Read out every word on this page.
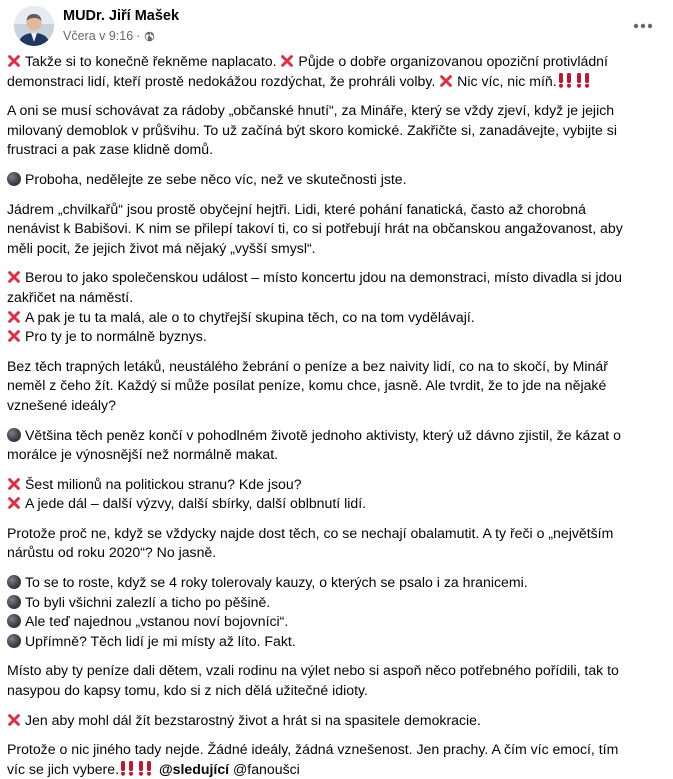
MUDr. Jiří Mašek
Včera v 9:16 ·
Takže si to konečně řekněme naplacato. Půjde o dobře organizovanou opoziční protivládní
demonstraci lidí, kteří prostě nedokážou rozdýchat, že prohráli volby. Nic víc, nic míň.
A oni se musí schovávat za rádoby „občanské hnutí“, za Mináře, který se vždy zjeví, když je jejich
milovaný demoblok v průšvihu. To už začíná být skoro komické. Zakřičte si, zanadávejte, vybijte si
frustraci a pak zase klidně domů.
Proboha, nedělejte ze sebe něco víc, než ve skutečnosti jste.
Jádrem „chvilkařů“ jsou prostě obyčejní hejtři. Lidi, které pohání fanatická, často až chorobná
nenávist k Babišovi. K nim se přilepí takoví ti, co si potřebují hrát na občanskou angažovanost, aby
měli pocit, že jejich život má nějaký „vyšší smysl“.
Berou to jako společenskou událost – místo koncertu jdou na demonstraci, místo divadla si jdou
zakřičet na náměstí.
A pak je tu ta malá, ale o to chytřejší skupina těch, co na tom vydělávají.
Pro ty je to normálně byznys.
Bez těch trapných letáků, neustálého žebrání o peníze a bez naivity lidí, co na to skočí, by Minář
neměl z čeho žít. Každý si může posílat peníze, komu chce, jasně. Ale tvrdit, že to jde na nějaké
vznešené ideály?
Většina těch peněz končí v pohodlném životě jednoho aktivisty, který už dávno zjistil, že kázat o
morálce je výnosnější než normálně makat.
Šest milionů na politickou stranu? Kde jsou?
A jede dál – další výzvy, další sbírky, další oblbnutí lidí.
Protože proč ne, když se vždycky najde dost těch, co se nechají obalamutit. A ty řeči o „největším
nárůstu od roku 2020“? No jasně.
To se to roste, když se 4 roky tolerovaly kauzy, o kterých se psalo i za hranicemi.
To byli všichni zalezlí a ticho po pěšině.
Ale teď najednou „vstanou noví bojovníci“.
Upřímně? Těch lidí je mi místy až líto. Fakt.
Místo aby ty peníze dali dětem, vzali rodinu na výlet nebo si aspoň něco potřebného pořídili, tak to
nasypou do kapsy tomu, kdo si z nich dělá užitečné idioty.
Jen aby mohl dál žít bezstarostný život a hrát si na spasitele demokracie.
Protože o nic jiného tady nejde. Žádné ideály, žádná vznešenost. Jen prachy. A čím víc emocí, tím
víc se jich vybere.	@sledující @fanoušci
